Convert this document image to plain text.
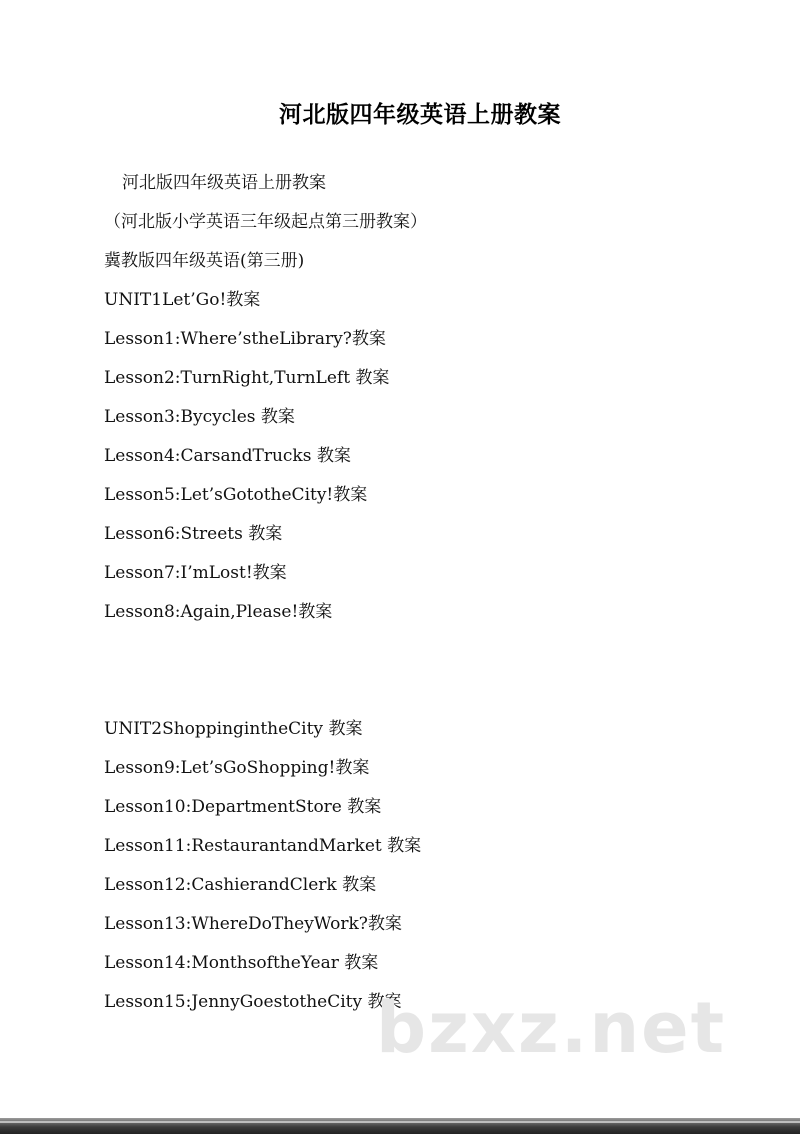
河北版四年级英语上册教案
河北版四年级英语上册教案
（河北版小学英语三年级起点第三册教案）
冀教版四年级英语(第三册)
UNIT1Let’Go!教案
Lesson1:Where’stheLibrary?教案
Lesson2:TurnRight,TurnLeft 教案
Lesson3:Bycycles 教案
Lesson4:CarsandTrucks 教案
Lesson5:Let’sGototheCity!教案
Lesson6:Streets 教案
Lesson7:I’mLost!教案
Lesson8:Again,Please!教案
UNIT2ShoppingintheCity 教案
Lesson9:Let’sGoShopping!教案
Lesson10:DepartmentStore 教案
Lesson11:RestaurantandMarket 教案
Lesson12:CashierandClerk 教案
Lesson13:WhereDoTheyWork?教案
Lesson14:MonthsoftheYear 教案
Lesson15:JennyGoestotheCity 教案
bzxz.net
